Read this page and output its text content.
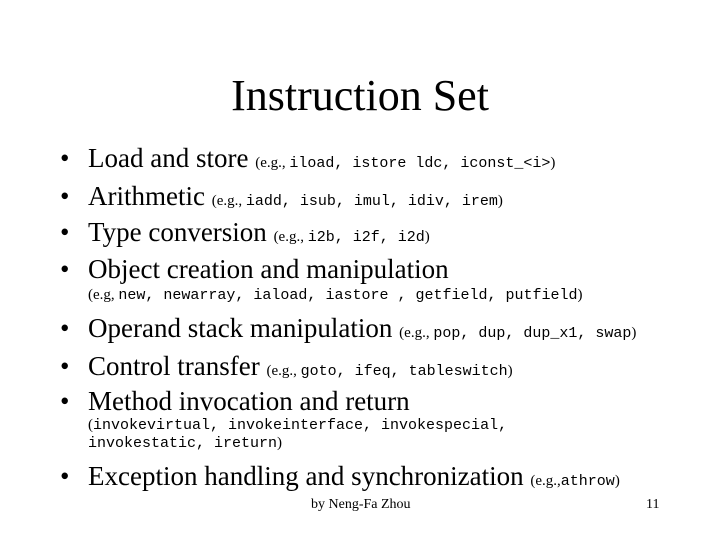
Instruction Set
• Load and store (e.g., iload, istore ldc, iconst_<i>)
• Arithmetic (e.g., iadd, isub, imul, idiv, irem)
• Type conversion (e.g., i2b, i2f, i2d)
• Object creation and manipulation
(e.g, new, newarray, iaload, iastore , getfield, putfield)
• Operand stack manipulation (e.g., pop, dup, dup_x1, swap)
• Control transfer (e.g., goto, ifeq, tableswitch)
• Method invocation and return
(invokevirtual, invokeinterface, invokespecial,
invokestatic, ireturn)
• Exception handling and synchronization (e.g.,athrow)
by Neng-Fa Zhou	11
